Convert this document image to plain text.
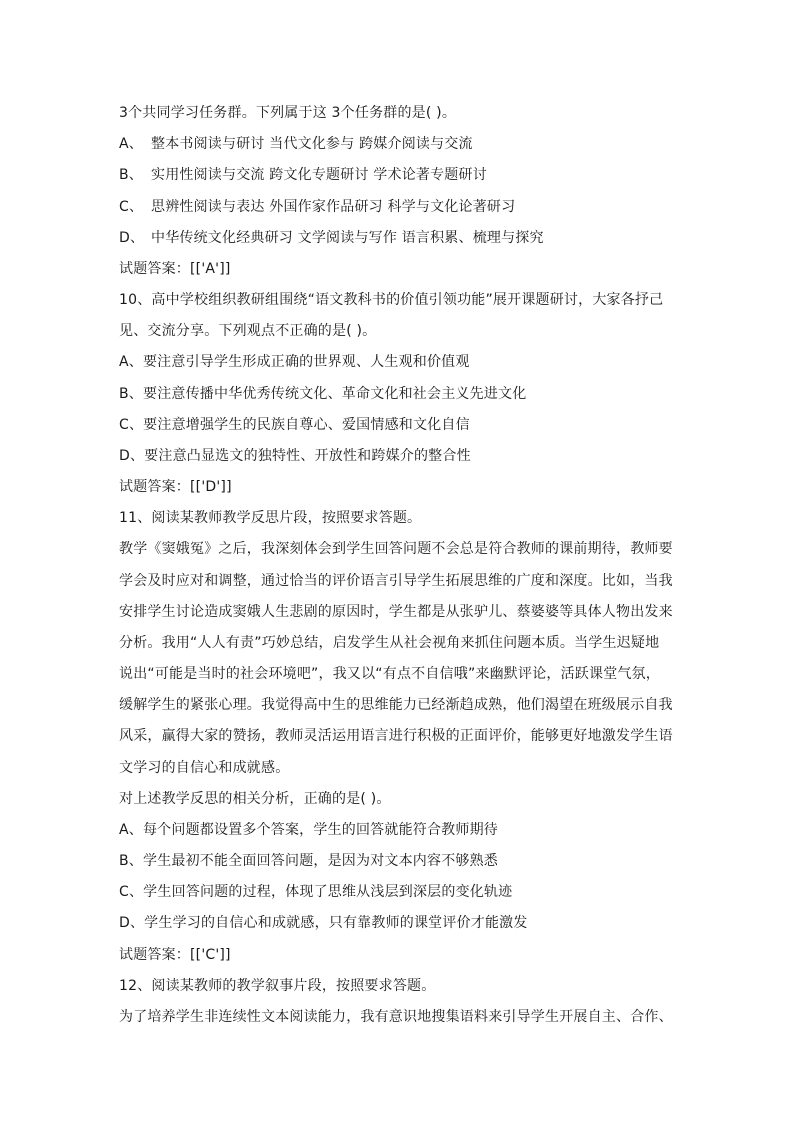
3个共同学习任务群。下列属于这 3个任务群的是( )。
A、 整本书阅读与研讨 当代文化参与 跨媒介阅读与交流
B、 实用性阅读与交流 跨文化专题研讨 学术论著专题研讨
C、 思辨性阅读与表达 外国作家作品研习 科学与文化论著研习
D、 中华传统文化经典研习 文学阅读与写作 语言积累、梳理与探究
试题答案：[['A']]
10、高中学校组织教研组围绕“语文教科书的价值引领功能”展开课题研讨，大家各抒己
见、交流分享。下列观点不正确的是( )。
A、要注意引导学生形成正确的世界观、人生观和价值观
B、要注意传播中华优秀传统文化、革命文化和社会主义先进文化
C、要注意增强学生的民族自尊心、爱国情感和文化自信
D、要注意凸显选文的独特性、开放性和跨媒介的整合性
试题答案：[['D']]
11、阅读某教师教学反思片段，按照要求答题。
教学《窦娥冤》之后，我深刻体会到学生回答问题不会总是符合教师的课前期待，教师要
学会及时应对和调整，通过恰当的评价语言引导学生拓展思维的广度和深度。比如，当我
安排学生讨论造成窦娥人生悲剧的原因时，学生都是从张驴儿、蔡婆婆等具体人物出发来
分析。我用“人人有责”巧妙总结，启发学生从社会视角来抓住问题本质。当学生迟疑地
说出“可能是当时的社会环境吧”，我又以“有点不自信哦”来幽默评论，活跃课堂气氛，
缓解学生的紧张心理。我觉得高中生的思维能力已经渐趋成熟，他们渴望在班级展示自我
风采，赢得大家的赞扬，教师灵活运用语言进行积极的正面评价，能够更好地激发学生语
文学习的自信心和成就感。
对上述教学反思的相关分析，正确的是( )。
A、每个问题都设置多个答案，学生的回答就能符合教师期待
B、学生最初不能全面回答问题，是因为对文本内容不够熟悉
C、学生回答问题的过程，体现了思维从浅层到深层的变化轨迹
D、学生学习的自信心和成就感，只有靠教师的课堂评价才能激发
试题答案：[['C']]
12、阅读某教师的教学叙事片段，按照要求答题。
为了培养学生非连续性文本阅读能力，我有意识地搜集语料来引导学生开展自主、合作、
